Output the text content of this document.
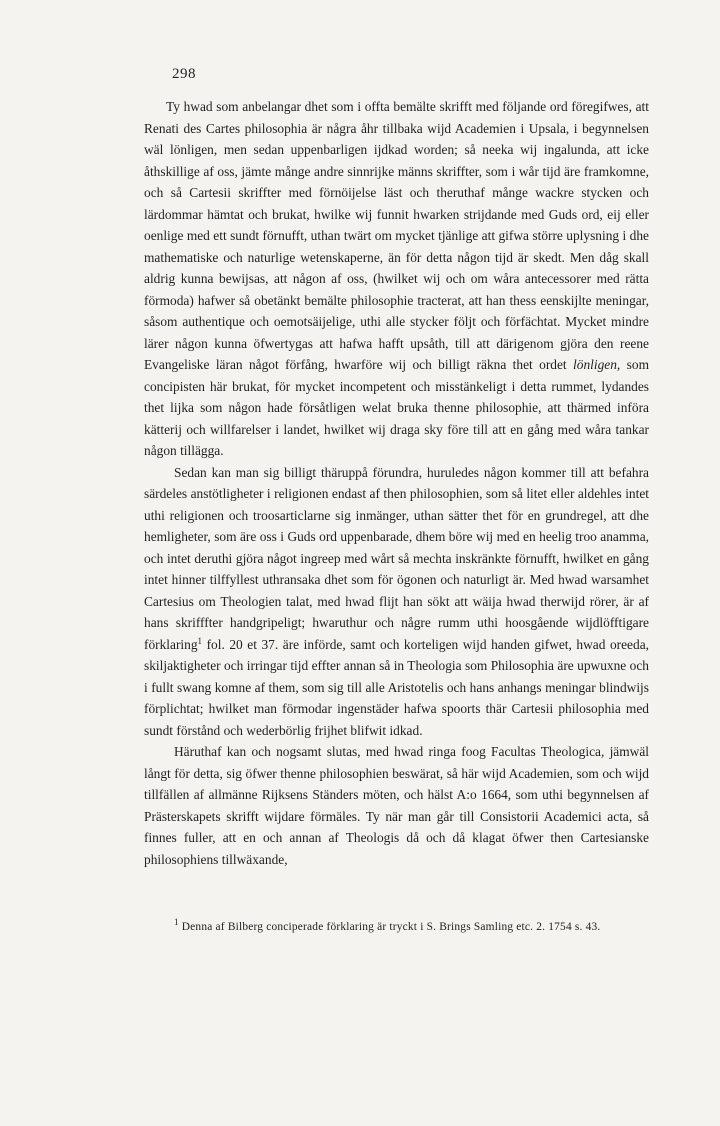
298

Ty hwad som anbelangar dhet som i offta bemälte skrifft med följande ord föregifwes, att Renati des Cartes philosophia är några åhr tillbaka wijd Academien i Upsala, i begynnelsen wäl lönligen, men sedan uppenbarligen ijdkad worden; så neeka wij ingalunda, att icke åthskillige af oss, jämte månge andre sinnrijke männs skriffter, som i wår tijd äre framkomne, och så Cartesii skriffter med förnöijelse läst och theruthaf månge wackre stycken och lärdommar hämtat och brukat, hwilke wij funnit hwarken strijdande med Guds ord, eij eller oenlige med ett sundt förnufft, uthan twärt om mycket tjänlige att gifwa större uplysning i dhe mathematiske och naturlige wetenskaperne, än för detta någon tijd är skedt. Men dåg skall aldrig kunna bewijsas, att någon af oss, (hwilket wij och om wåra antecessorer med rätta förmoda) hafwer så obetänkt bemälte philosophie tracterat, att han thess eenskijlte meningar, såsom authentique och oemotsäijelige, uthi alle stycker följt och förfächtat. Mycket mindre lärer någon kunna öfwertygas att hafwa hafft upsåth, till att därigenom gjöra den reene Evangeliske läran något förfång, hwarföre wij och billigt räkna thet ordet lönligen, som concipisten här brukat, för mycket incompetent och misstänkeligt i detta rummet, lydandes thet lijka som någon hade försåtligen welat bruka thenne philosophie, att thärmed införa kätterij och willfarelser i landet, hwilket wij draga sky före till att en gång med wåra tankar någon tillägga.

Sedan kan man sig billigt thäruppå förundra, huruledes någon kommer till att befahra särdeles anstötligheter i religionen endast af then philosophien, som så litet eller aldehles intet uthi religionen och troosarticlarne sig inmänger, uthan sätter thet för en grundregel, att dhe hemligheter, som äre oss i Guds ord uppenbarade, dhem böre wij med en heelig troo anamma, och intet deruthi gjöra något ingreep med wårt så mechta inskränkte förnufft, hwilket en gång intet hinner tilffyllest uthransaka dhet som för ögonen och naturligt är. Med hwad warsamhet Cartesius om Theologien talat, med hwad flijt han sökt att wäija hwad therwijd rörer, är af hans skrifffter handgripeligt; hwaruthur och någre rumm uthi hoosgående wijdlöfftigare förklaring$^1$ fol. 20 et 37. äre införde, samt och korteligen wijd handen gifwet, hwad oreeda, skiljaktigheter och irringar tijd effter annan så in Theologia som Philosophia äre upwuxne och i fullt swang komne af them, som sig till alle Aristotelis och hans anhangs meningar blindwijs förplichtat; hwilket man förmodar ingenstäder hafwa spoorts thär Cartesii philosophia med sundt förstånd och wederbörlig frijhet blifwit idkad.

Häruthaf kan och nogsamt slutas, med hwad ringa foog Facultas Theologica, jämwäl långt för detta, sig öfwer thenne philosophien beswärat, så här wijd Academien, som och wijd tillfällen af allmänne Rijksens Ständers möten, och hälst A:o 1664, som uthi begynnelsen af Prästerskapets skrifft wijdare förmäles. Ty när man går till Consistorii Academici acta, så finnes fuller, att en och annan af Theologis då och då klagat öfwer then Cartesianske philosophiens tillwäxande,

$^1$ Denna af Bilberg conciperade förklaring är tryckt i S. Brings Samling etc. 2. 1754 s. 43.
